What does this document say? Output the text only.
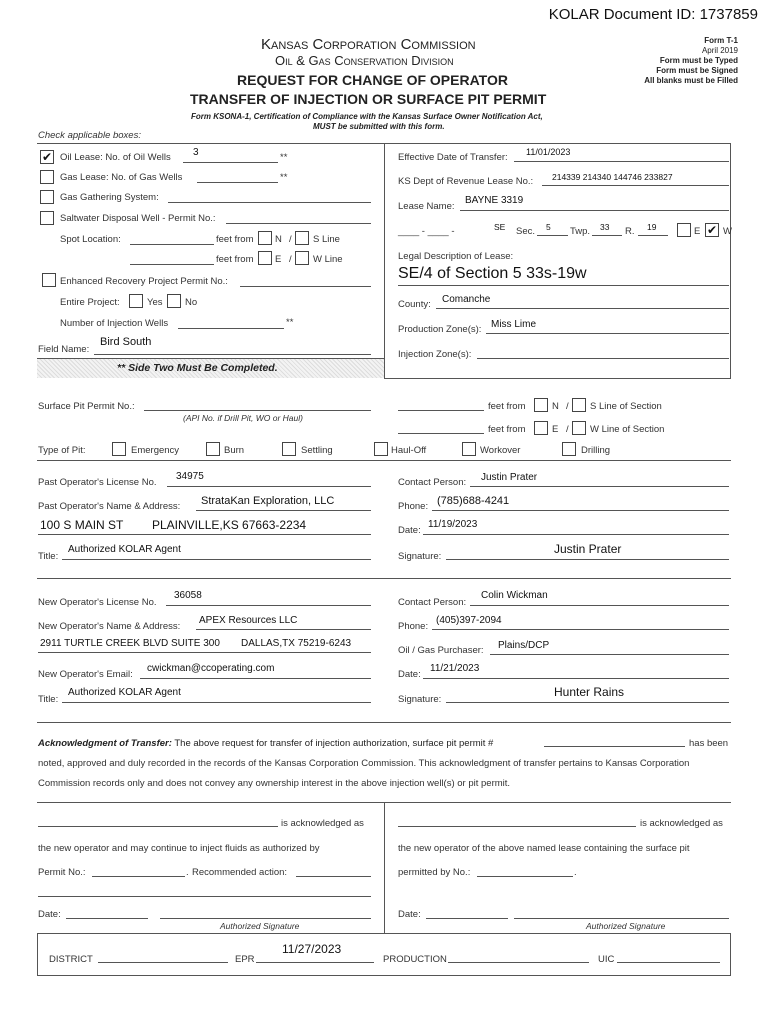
KOLAR Document ID: 1737859
Kansas Corporation Commission
Oil & Gas Conservation Division
REQUEST FOR CHANGE OF OPERATOR
TRANSFER OF INJECTION OR SURFACE PIT PERMIT
Form T-1
April 2019
Form must be Typed
Form must be Signed
All blanks must be Filled
Form KSONA-1, Certification of Compliance with the Kansas Surface Owner Notification Act,
MUST be submitted with this form.
Check applicable boxes:
✔ Oil Lease: No. of Oil Wells 3	**
Gas Lease: No. of Gas Wells	**
Gas Gathering System:
Saltwater Disposal Well - Permit No.:
Spot Location:	feet from N / S Line
feet from E / W Line
Enhanced Recovery Project Permit No.:
Entire Project:	Yes No
Number of Injection Wells	**
Field Name:
Bird South
** Side Two Must Be Completed.
Effective Date of Transfer: 11/01/2023
KS Dept of Revenue Lease No.: 214339 214340 144746 233827
Lease Name:
BAYNE 3319
____ - ____ -	SE Sec. 5 Twp. 33 R. 19	E ✔ W
Legal Description of Lease:
SE/4 of Section 5 33s-19w
County: Comanche
Production Zone(s): Miss Lime
Injection Zone(s):
Surface Pit Permit No.:
(API No. if Drill Pit, WO or Haul)
feet from	N / S Line of Section
feet from	E / W Line of Section
Type of Pit:	Emergency	Burn	Settling	Haul-Off	Workover	Drilling
Past Operator's License No.
34975
Contact Person: Justin Prater
Past Operator's Name & Address: StrataKan Exploration, LLC	Phone: (785)688-4241
100 S MAIN ST PLAINVILLE,KS 67663-2234	Date:
11/19/2023
Title:
Authorized KOLAR Agent
Signature:
Justin Prater
New Operator's License No.
36058
Contact Person:
Colin Wickman
New Operator's Name & Address:
APEX Resources LLC
Phone:
(405)397-2094
2911 TURTLE CREEK BLVD SUITE 300 DALLAS,TX 75219-6243
Oil / Gas Purchaser: Plains/DCP
New Operator's Email:
cwickman@ccoperating.com
Date:
11/21/2023
Title:
Authorized KOLAR Agent
Signature:
Hunter Rains
Acknowledgment of Transfer: The above request for transfer of injection authorization, surface pit permit #	has been
noted, approved and duly recorded in the records of the Kansas Corporation Commission. This acknowledgment of transfer pertains to Kansas Corporation
Commission records only and does not convey any ownership interest in the above injection well(s) or pit permit.
is acknowledged as
the new operator and may continue to inject fluids as authorized by
Permit No.:	. Recommended action:
Date:
Authorized Signature
is acknowledged as
the new operator of the above named lease containing the surface pit
permitted by No.:	.
Date:
Authorized Signature
DISTRICT	EPR
11/27/2023
PRODUCTION	UIC
